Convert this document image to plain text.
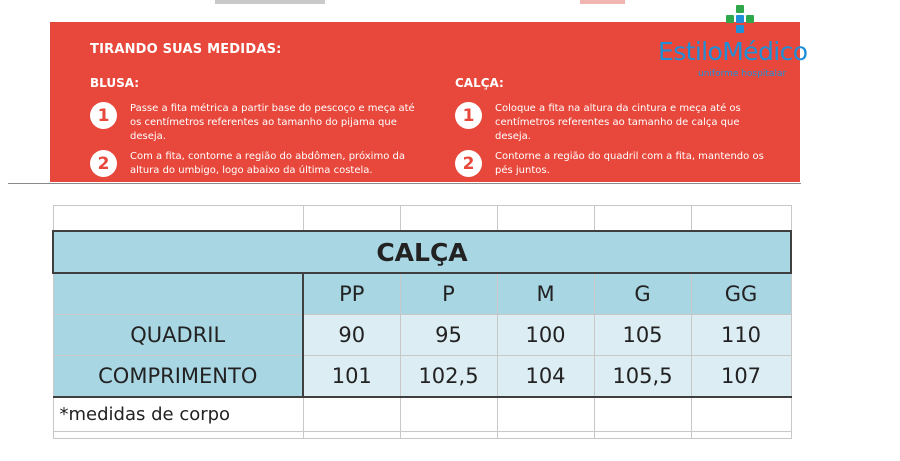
TIRANDO SUAS MEDIDAS:
BLUSA:
1	Passe a fita métrica a partir base do pescoço e meça até os centímetros referentes ao tamanho do pijama que deseja.
2	Com a fita, contorne a região do abdômen, próximo da altura do umbigo, logo abaixo da última costela.
CALÇA:
1	Coloque a fita na altura da cintura e meça até os centímetros referentes ao tamanho de calça que deseja.
2	Contorne a região do quadril com a fita, mantendo os pés juntos.
EstiloMédico
uniforme hospitalar

CALÇA					
	PP	P	M	G	GG
QUADRIL	90	95	100	105	110
COMPRIMENTO	101	102,5	104	105,5	107
*medidas de corpo					
